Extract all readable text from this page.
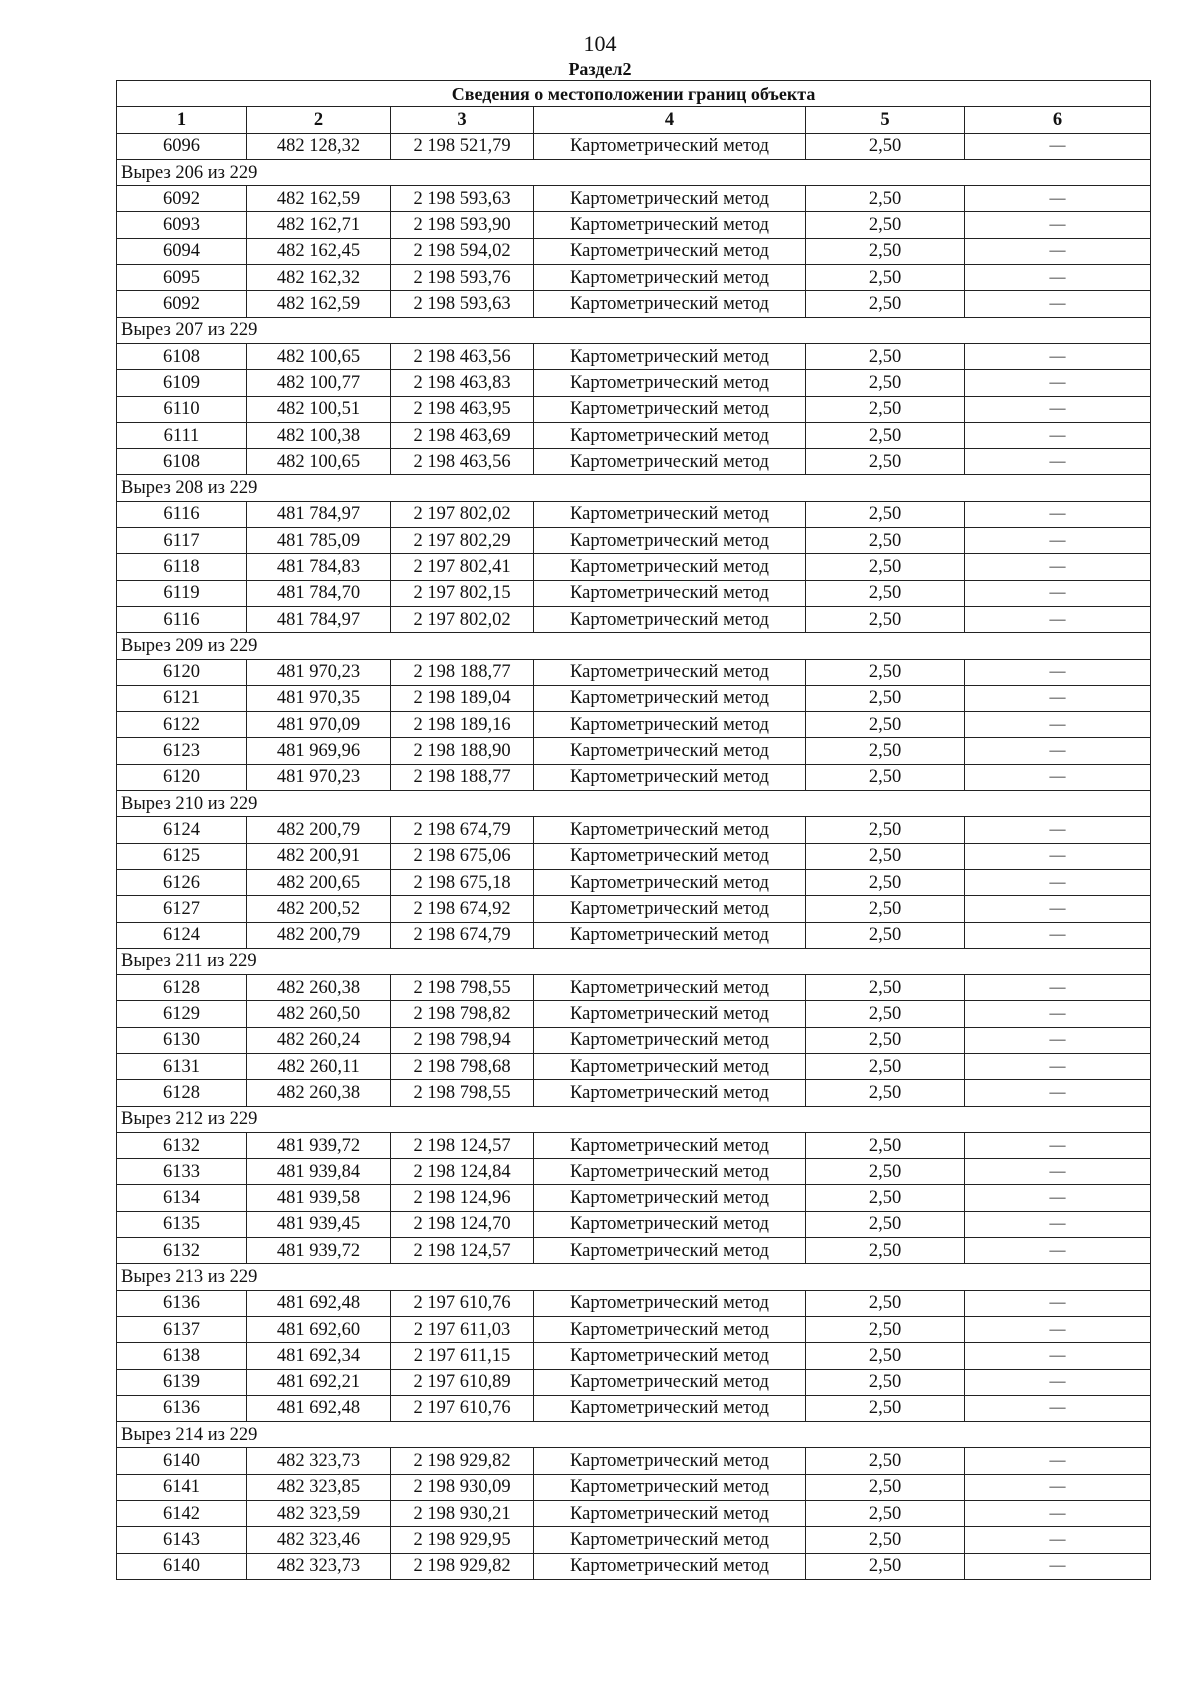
104
Раздел2
Сведения о местоположении границ объекта					
1	2	3	4	5	6
6096	482 128,32	2 198 521,79	Картометрический метод	2,50	—
Вырез 206 из 229					
6092	482 162,59	2 198 593,63	Картометрический метод	2,50	—
6093	482 162,71	2 198 593,90	Картометрический метод	2,50	—
6094	482 162,45	2 198 594,02	Картометрический метод	2,50	—
6095	482 162,32	2 198 593,76	Картометрический метод	2,50	—
6092	482 162,59	2 198 593,63	Картометрический метод	2,50	—
Вырез 207 из 229					
6108	482 100,65	2 198 463,56	Картометрический метод	2,50	—
6109	482 100,77	2 198 463,83	Картометрический метод	2,50	—
6110	482 100,51	2 198 463,95	Картометрический метод	2,50	—
6111	482 100,38	2 198 463,69	Картометрический метод	2,50	—
6108	482 100,65	2 198 463,56	Картометрический метод	2,50	—
Вырез 208 из 229					
6116	481 784,97	2 197 802,02	Картометрический метод	2,50	—
6117	481 785,09	2 197 802,29	Картометрический метод	2,50	—
6118	481 784,83	2 197 802,41	Картометрический метод	2,50	—
6119	481 784,70	2 197 802,15	Картометрический метод	2,50	—
6116	481 784,97	2 197 802,02	Картометрический метод	2,50	—
Вырез 209 из 229					
6120	481 970,23	2 198 188,77	Картометрический метод	2,50	—
6121	481 970,35	2 198 189,04	Картометрический метод	2,50	—
6122	481 970,09	2 198 189,16	Картометрический метод	2,50	—
6123	481 969,96	2 198 188,90	Картометрический метод	2,50	—
6120	481 970,23	2 198 188,77	Картометрический метод	2,50	—
Вырез 210 из 229					
6124	482 200,79	2 198 674,79	Картометрический метод	2,50	—
6125	482 200,91	2 198 675,06	Картометрический метод	2,50	—
6126	482 200,65	2 198 675,18	Картометрический метод	2,50	—
6127	482 200,52	2 198 674,92	Картометрический метод	2,50	—
6124	482 200,79	2 198 674,79	Картометрический метод	2,50	—
Вырез 211 из 229					
6128	482 260,38	2 198 798,55	Картометрический метод	2,50	—
6129	482 260,50	2 198 798,82	Картометрический метод	2,50	—
6130	482 260,24	2 198 798,94	Картометрический метод	2,50	—
6131	482 260,11	2 198 798,68	Картометрический метод	2,50	—
6128	482 260,38	2 198 798,55	Картометрический метод	2,50	—
Вырез 212 из 229					
6132	481 939,72	2 198 124,57	Картометрический метод	2,50	—
6133	481 939,84	2 198 124,84	Картометрический метод	2,50	—
6134	481 939,58	2 198 124,96	Картометрический метод	2,50	—
6135	481 939,45	2 198 124,70	Картометрический метод	2,50	—
6132	481 939,72	2 198 124,57	Картометрический метод	2,50	—
Вырез 213 из 229					
6136	481 692,48	2 197 610,76	Картометрический метод	2,50	—
6137	481 692,60	2 197 611,03	Картометрический метод	2,50	—
6138	481 692,34	2 197 611,15	Картометрический метод	2,50	—
6139	481 692,21	2 197 610,89	Картометрический метод	2,50	—
6136	481 692,48	2 197 610,76	Картометрический метод	2,50	—
Вырез 214 из 229					
6140	482 323,73	2 198 929,82	Картометрический метод	2,50	—
6141	482 323,85	2 198 930,09	Картометрический метод	2,50	—
6142	482 323,59	2 198 930,21	Картометрический метод	2,50	—
6143	482 323,46	2 198 929,95	Картометрический метод	2,50	—
6140	482 323,73	2 198 929,82	Картометрический метод	2,50	—
